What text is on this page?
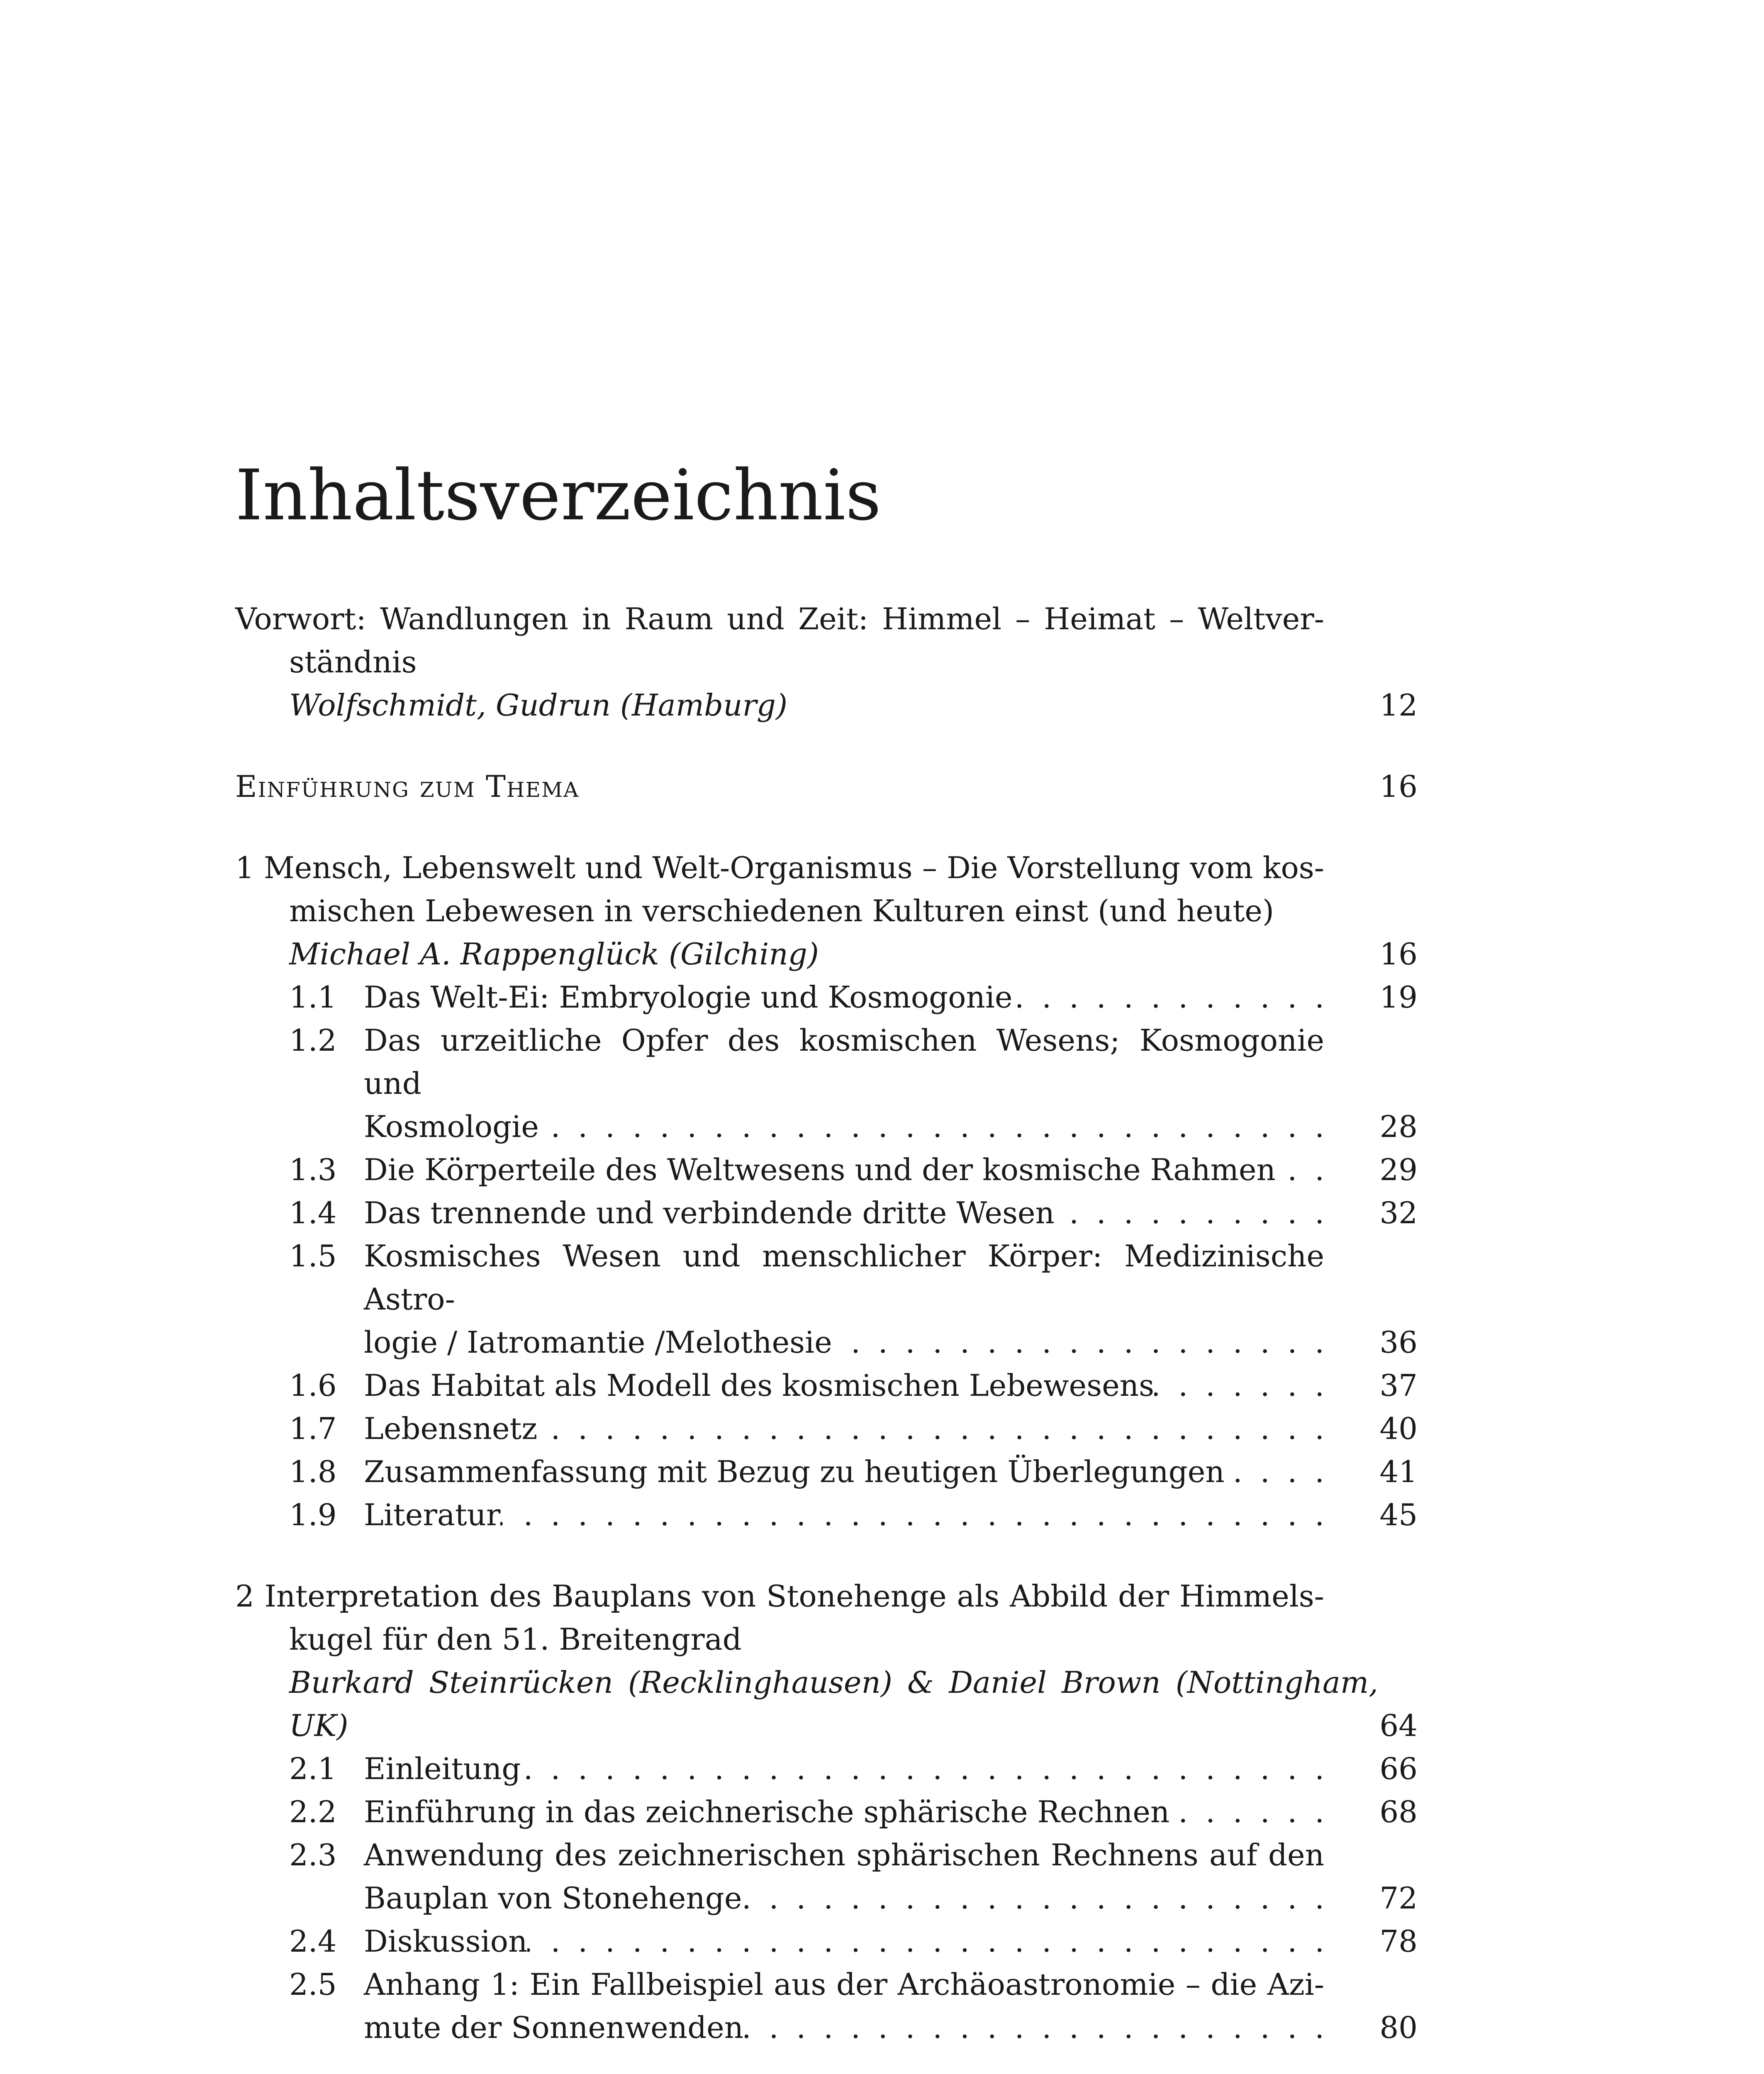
Inhaltsverzeichnis
Vorwort: Wandlungen in Raum und Zeit: Himmel – Heimat – Weltver-
ständnis
Wolfschmidt, Gudrun (Hamburg)	12
Einführung zum Thema	16
1 Mensch, Lebenswelt und Welt-Organismus – Die Vorstellung vom kos-
mischen Lebewesen in verschiedenen Kulturen einst (und heute)
Michael A. Rappenglück (Gilching)	16
1.1 Das Welt-Ei: Embryologie und Kosmogonie . . .	19
1.2 Das urzeitliche Opfer des kosmischen Wesens; Kosmogonie und
Kosmologie . . .	28
1.3 Die Körperteile des Weltwesens und der kosmische Rahmen . . .	29
1.4 Das trennende und verbindende dritte Wesen . . .	32
1.5 Kosmisches Wesen und menschlicher Körper: Medizinische Astro-
logie / Iatromantie /Melothesie . . .	36
1.6 Das Habitat als Modell des kosmischen Lebewesens . . .	37
1.7 Lebensnetz . . .	40
1.8 Zusammenfassung mit Bezug zu heutigen Überlegungen . . .	41
1.9 Literatur . . .	45
2 Interpretation des Bauplans von Stonehenge als Abbild der Himmels-
kugel für den 51. Breitengrad
Burkard Steinrücken (Recklinghausen) & Daniel Brown (Nottingham,
UK)	64
2.1 Einleitung . . .	66
2.2 Einführung in das zeichnerische sphärische Rechnen . . .	68
2.3 Anwendung des zeichnerischen sphärischen Rechnens auf den
Bauplan von Stonehenge . . .	72
2.4 Diskussion . . .	78
2.5 Anhang 1: Ein Fallbeispiel aus der Archäoastronomie – die Azi-
mute der Sonnenwenden . . .	80
